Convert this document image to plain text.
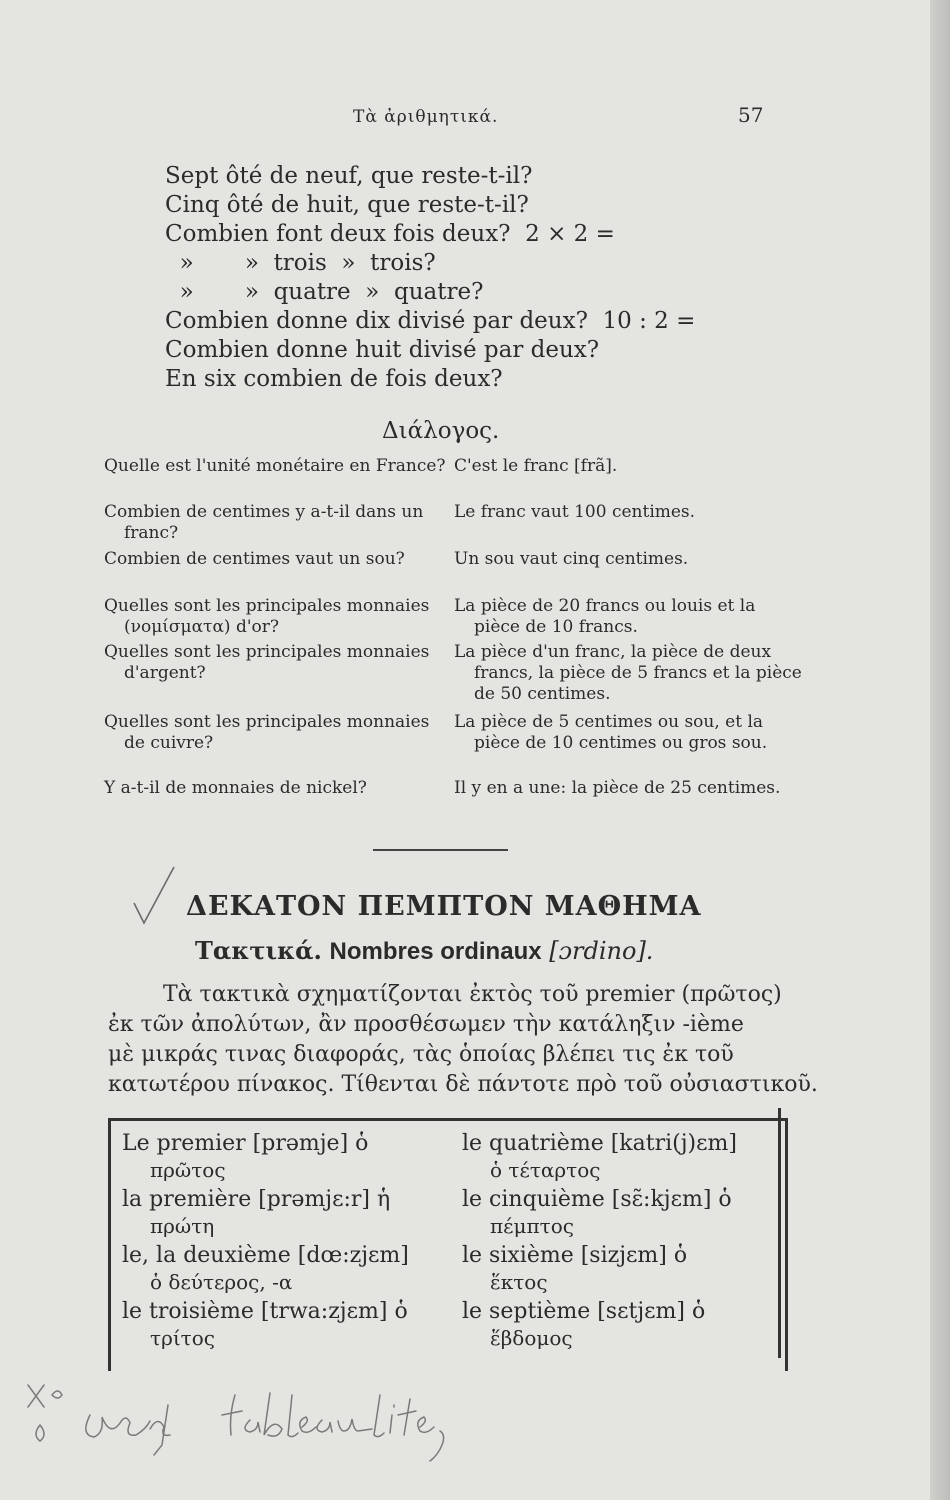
Τὰ ἀριθμητικά.	57
Sept ôté de neuf, que reste-t-il?
Cinq ôté de huit, que reste-t-il?
Combien font deux fois deux?  2 × 2 =
»       »  trois  »  trois?
»       »  quatre  »  quatre?
Combien donne dix divisé par deux?  10 : 2 =
Combien donne huit divisé par deux?
En six combien de fois deux?
Διάλογος.
Quelle est l'unité monétaire en France?
Combien de centimes y a-t-il dans un franc?
Combien de centimes vaut un sou?
Quelles sont les principales monnaies (νομίσματα) d'or?
Quelles sont les principales monnaies d'argent?
Quelles sont les principales monnaies de cuivre?
Y a-t-il de monnaies de nickel?
C'est le franc [frã].
Le franc vaut 100 centimes.
Un sou vaut cinq centimes.
La pièce de 20 francs ou louis et la pièce de 10 francs.
La pièce d'un franc, la pièce de deux francs, la pièce de 5 francs et la pièce de 50 centimes.
La pièce de 5 centimes ou sou, et la pièce de 10 centimes ou gros sou.
Il y en a une: la pièce de 25 centimes.
ΔΕΚΑΤΟΝ ΠΕΜΠΤΟΝ ΜΑΘΗΜΑ
Τακτικά. Nombres ordinaux [ɔrdino].
Τὰ τακτικὰ σχηματίζονται ἐκτὸς τοῦ premier (πρῶτος)
ἐκ τῶν ἀπολύτων, ἂν προσθέσωμεν τὴν κατάληξιν -ième
μὲ μικράς τινας διαφοράς, τὰς ὁποίας βλέπει τις ἐκ τοῦ
κατωτέρου πίνακος. Τίθενται δὲ πάντοτε πρὸ τοῦ οὐσιαστικοῦ.
Le premier [prəmje] ὁ
πρῶτος
la première [prəmjɛ:r] ἡ
πρώτη
le, la deuxième [dœ:zjɛm]
ὁ δεύτερος, -α
le troisième [trwa:zjɛm] ὁ
τρίτος
le quatrième [katri(j)ɛm]
ὁ τέταρτος
le cinquième [sɛ̃:kjɛm] ὁ
πέμπτος
le sixième [sizjɛm] ὁ
ἕκτος
le septième [sɛtjɛm] ὁ
ἕβδομος
